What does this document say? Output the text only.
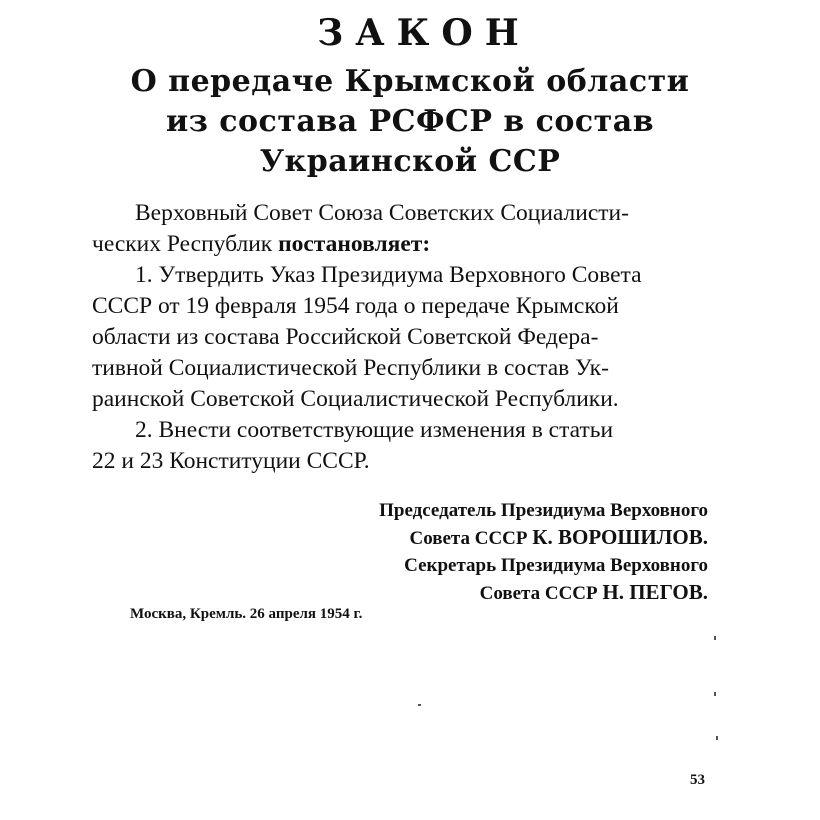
ЗАКОН
О передаче Крымской области
из состава РСФСР в состав
Украинской ССР
Верховный Совет Союза Советских Социалисти-
ческих Республик постановляет:
1. Утвердить Указ Президиума Верховного Совета
СССР от 19 февраля 1954 года о передаче Крымской
области из состава Российской Советской Федера-
тивной Социалистической Республики в состав Ук-
раинской Советской Социалистической Республики.
2. Внести соответствующие изменения в статьи
22 и 23 Конституции СССР.
Председатель Президиума Верховного
Совета СССР К. ВОРОШИЛОВ.
Секретарь Президиума Верховного
Совета СССР Н. ПЕГОВ.
Москва, Кремль. 26 апреля 1954 г.
53
